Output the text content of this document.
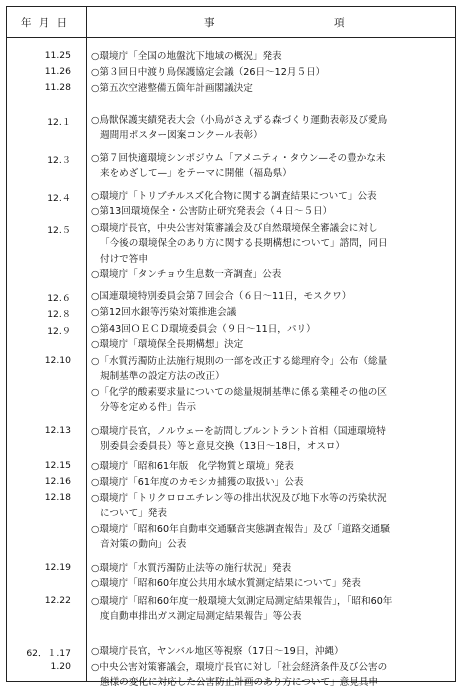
年 月 日	事	項
11.25 ○環境庁「全国の地盤沈下地域の概況」発表
11.26 ○第３回日中渡り鳥保護協定会議（26日～12月５日）
11.28 ○第五次空港整備五箇年計画閣議決定
12.１ ○鳥獣保護実績発表大会（小鳥がさえずる森づくり運動表彰及び愛鳥
週間用ポスター図案コンクール表彰）
12.３ ○第７回快適環境シンポジウム「アメニティ・タウン—その豊かな未
来をめざして—」をテーマに開催（福島県）
12.４ ○環境庁「トリブチルスズ化合物に関する調査結果について」公表
○第13回環境保全・公害防止研究発表会（４日～５日）
12.５ ○環境庁長官，中央公害対策審議会及び自然環境保全審議会に対し
「今後の環境保全のあり方に関する長期構想について」諮問，同日
付けで答申
○環境庁「タンチョウ生息数一斉調査」公表
12.６ ○国連環境特別委員会第７回会合（６日～11日，モスクワ）
12.８ ○第12回水銀等汚染対策推進会議
12.９ ○第43回ＯＥＣＤ環境委員会（９日～11日，パリ）
○環境庁「環境保全長期構想」決定
12.10 ○「水質汚濁防止法施行規則の一部を改正する総理府令」公布（総量
規制基準の設定方法の改正）
○「化学的酸素要求量についての総量規制基準に係る業種その他の区
分等を定める件」告示
12.13 ○環境庁長官，ノルウェーを訪問しブルントラント首相（国連環境特
別委員会委員長）等と意見交換（13日～18日，オスロ）
12.15 ○環境庁「昭和61年版　化学物質と環境」発表
12.16 ○環境庁「61年度のカモシカ捕獲の取扱い」公表
12.18 ○環境庁「トリクロロエチレン等の排出状況及び地下水等の汚染状況
について」発表
○環境庁「昭和60年自動車交通騒音実態調査報告」及び「道路交通騒
音対策の動向」公表
12.19 ○環境庁「水質汚濁防止法等の施行状況」発表
○環境庁「昭和60年度公共用水域水質測定結果について」発表
12.22 ○環境庁「昭和60年度一般環境大気測定局測定結果報告」，「昭和60年
度自動車排出ガス測定局測定結果報告」等公表
62．１.17 ○環境庁長官，ヤンバル地区等視察（17日～19日，沖縄）
1.20 ○中央公害対策審議会，環境庁長官に対し「社会経済条件及び公害の
態様の変化に対応した公害防止計画のあり方について」意見具申
